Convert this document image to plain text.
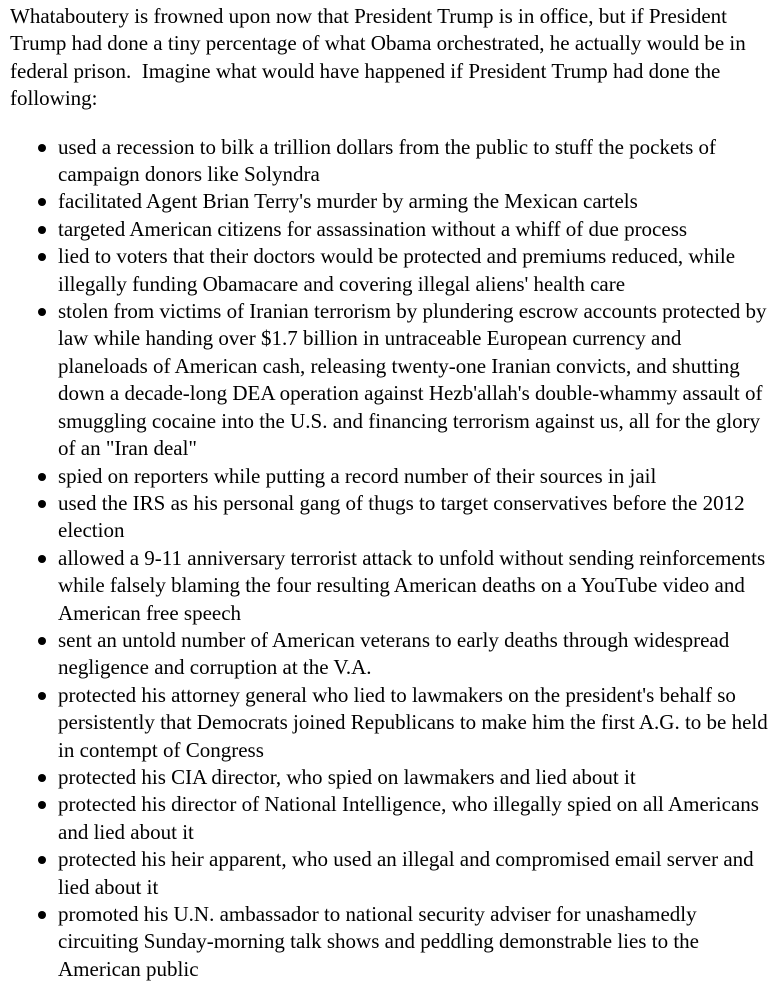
Whataboutery is frowned upon now that President Trump is in office, but if President Trump had done a tiny percentage of what Obama orchestrated, he actually would be in federal prison.  Imagine what would have happened if President Trump had done the following:

used a recession to bilk a trillion dollars from the public to stuff the pockets of campaign donors like Solyndra
facilitated Agent Brian Terry's murder by arming the Mexican cartels
targeted American citizens for assassination without a whiff of due process
lied to voters that their doctors would be protected and premiums reduced, while illegally funding Obamacare and covering illegal aliens' health care
stolen from victims of Iranian terrorism by plundering escrow accounts protected by law while handing over $1.7 billion in untraceable European currency and planeloads of American cash, releasing twenty-one Iranian convicts, and shutting down a decade-long DEA operation against Hezb'allah's double-whammy assault of smuggling cocaine into the U.S. and financing terrorism against us, all for the glory of an "Iran deal"
spied on reporters while putting a record number of their sources in jail
used the IRS as his personal gang of thugs to target conservatives before the 2012 election
allowed a 9-11 anniversary terrorist attack to unfold without sending reinforcements while falsely blaming the four resulting American deaths on a YouTube video and American free speech
sent an untold number of American veterans to early deaths through widespread negligence and corruption at the V.A.
protected his attorney general who lied to lawmakers on the president's behalf so persistently that Democrats joined Republicans to make him the first A.G. to be held in contempt of Congress
protected his CIA director, who spied on lawmakers and lied about it
protected his director of National Intelligence, who illegally spied on all Americans and lied about it
protected his heir apparent, who used an illegal and compromised email server and lied about it
promoted his U.N. ambassador to national security adviser for unashamedly circuiting Sunday-morning talk shows and peddling demonstrable lies to the American public
